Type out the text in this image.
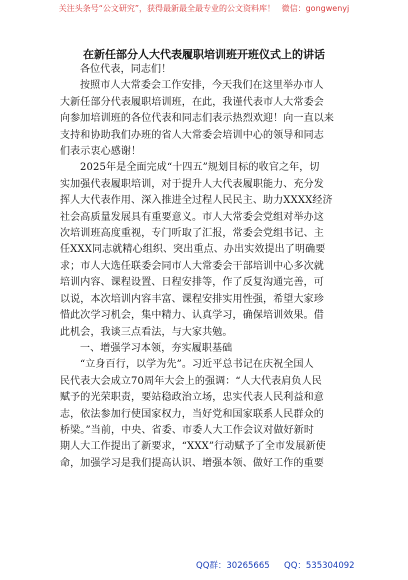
关注头条号“公文研究”，获得最新最全最专业的公文资料库！ 微信：gongwenyj
在新任部分人大代表履职培训班开班仪式上的讲话

各位代表，同志们！

按照市人大常委会工作安排，今天我们在这里举办市人
大新任部分代表履职培训班，在此，我谨代表市人大常委会
向参加培训班的各位代表和同志们表示热烈欢迎！向一直以来
支持和协助我们办班的省人大常委会培训中心的领导和同志
们表示衷心感谢！

2025年是全面完成“十四五”规划目标的收官之年，切
实加强代表履职培训，对于提升人大代表履职能力、充分发
挥人大代表作用、深入推进全过程人民民主、助力XXXX经济
社会高质量发展具有重要意义。市人大常委会党组对举办这
次培训班高度重视，专门听取了汇报，常委会党组书记、主
任XXX同志就精心组织、突出重点、办出实效提出了明确要
求；市人大选任联委会同市人大常委会干部培训中心多次就
培训内容、课程设置、日程安排等，作了反复沟通完善，可
以说，本次培训内容丰富、课程安排实用性强，希望大家珍
惜此次学习机会，集中精力、认真学习，确保培训效果。借
此机会，我谈三点看法，与大家共勉。

一、增强学习本领，夯实履职基础

“立身百行，以学为先”。习近平总书记在庆祝全国人
民代表大会成立70周年大会上的强调：“人大代表肩负人民
赋予的光荣职责，要站稳政治立场，忠实代表人民利益和意
志，依法参加行使国家权力，当好党和国家联系人民群众的
桥梁。”当前，中央、省委、市委人大工作会议对做好新时
期人大工作提出了新要求，“XXX”行动赋予了全市发展新使
命，加强学习是我们提高认识、增强本领、做好工作的重要

QQ群：30265665 QQ：535304092
